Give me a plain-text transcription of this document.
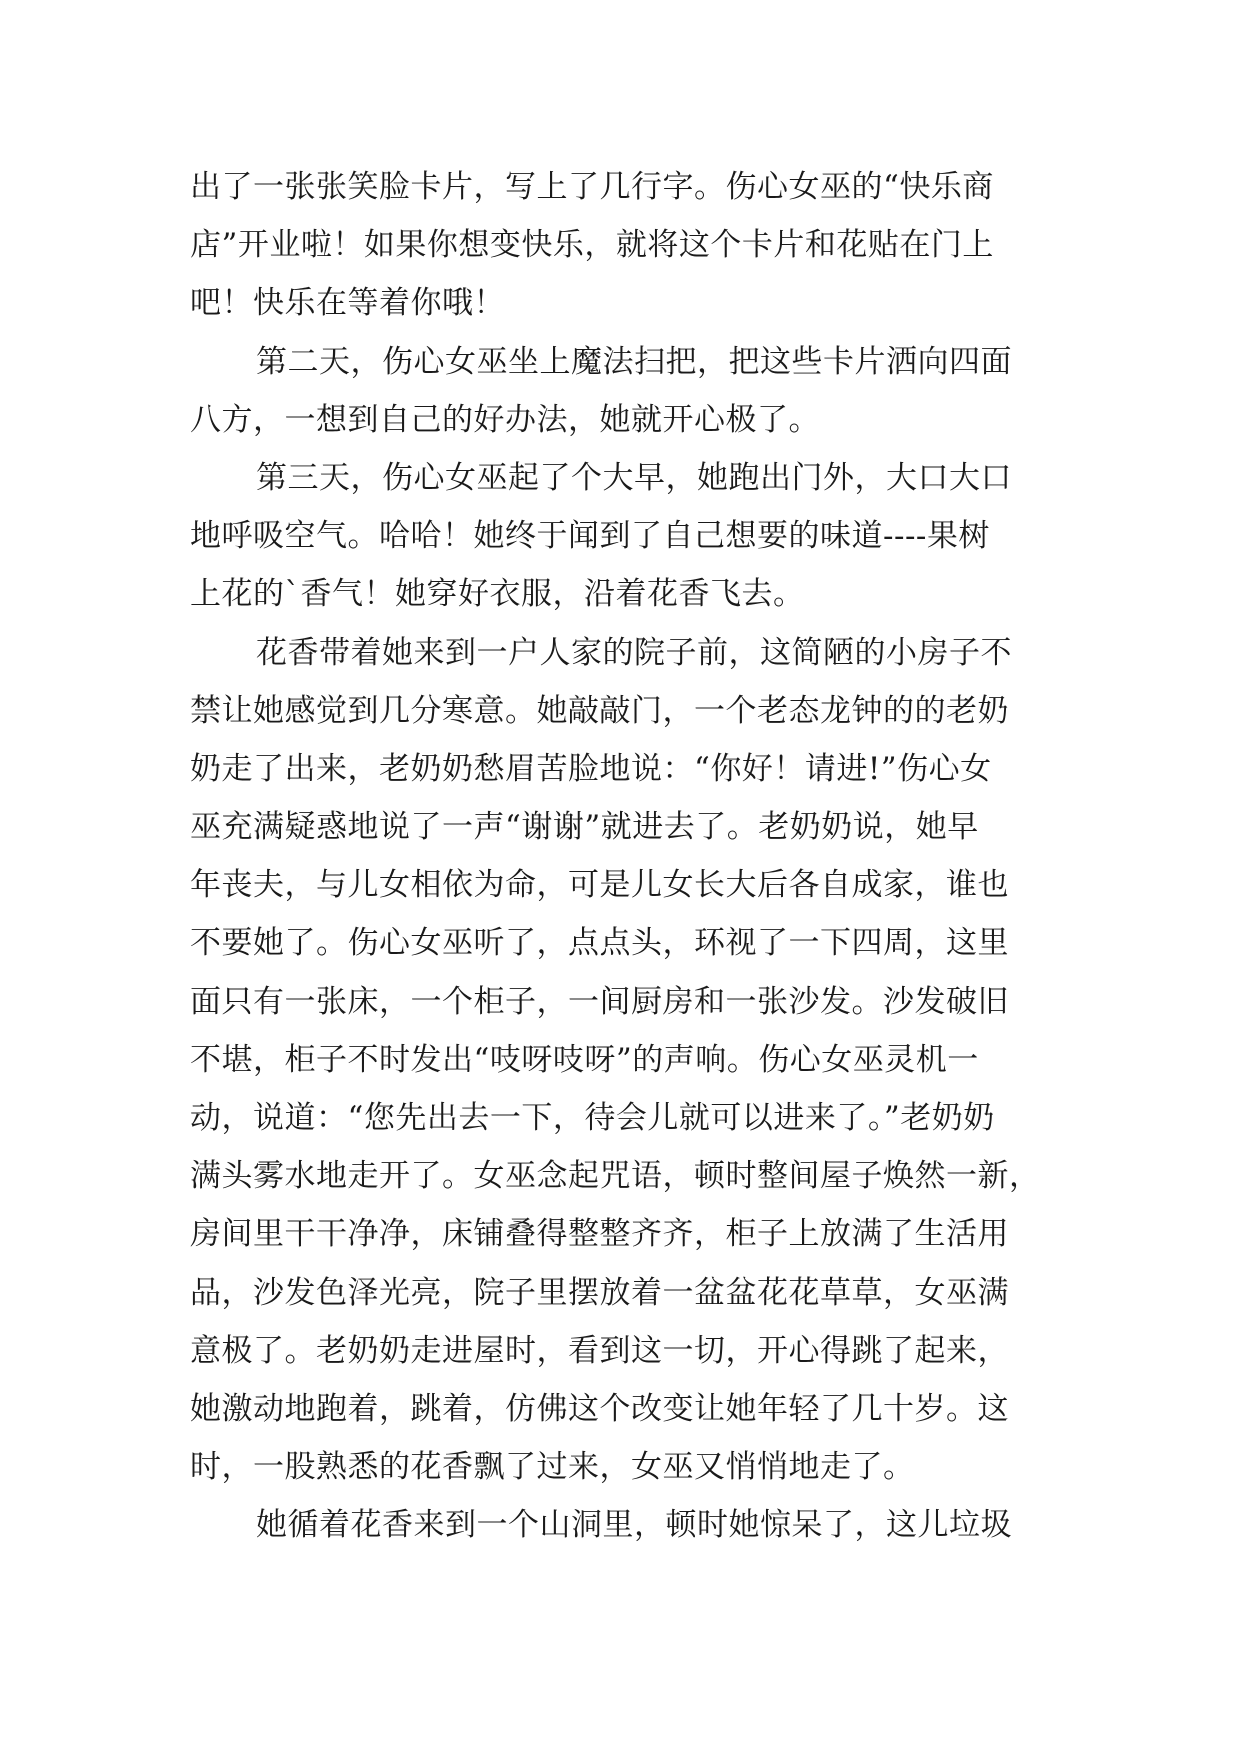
出了一张张笑脸卡片，写上了几行字。伤心女巫的“快乐商
店”开业啦！如果你想变快乐，就将这个卡片和花贴在门上
吧！快乐在等着你哦！
第二天，伤心女巫坐上魔法扫把，把这些卡片洒向四面
八方，一想到自己的好办法，她就开心极了。
第三天，伤心女巫起了个大早，她跑出门外，大口大口
地呼吸空气。哈哈！她终于闻到了自己想要的味道----果树
上花的`香气！她穿好衣服，沿着花香飞去。
花香带着她来到一户人家的院子前，这简陋的小房子不
禁让她感觉到几分寒意。她敲敲门，一个老态龙钟的的老奶
奶走了出来，老奶奶愁眉苦脸地说：“你好！请进!”伤心女
巫充满疑惑地说了一声“谢谢”就进去了。老奶奶说，她早
年丧夫，与儿女相依为命，可是儿女长大后各自成家，谁也
不要她了。伤心女巫听了，点点头，环视了一下四周，这里
面只有一张床，一个柜子，一间厨房和一张沙发。沙发破旧
不堪，柜子不时发出“吱呀吱呀”的声响。伤心女巫灵机一
动，说道：“您先出去一下，待会儿就可以进来了。”老奶奶
满头雾水地走开了。女巫念起咒语，顿时整间屋子焕然一新，
房间里干干净净，床铺叠得整整齐齐，柜子上放满了生活用
品，沙发色泽光亮，院子里摆放着一盆盆花花草草，女巫满
意极了。老奶奶走进屋时，看到这一切，开心得跳了起来，
她激动地跑着，跳着，仿佛这个改变让她年轻了几十岁。这
时，一股熟悉的花香飘了过来，女巫又悄悄地走了。
她循着花香来到一个山洞里，顿时她惊呆了，这儿垃圾
